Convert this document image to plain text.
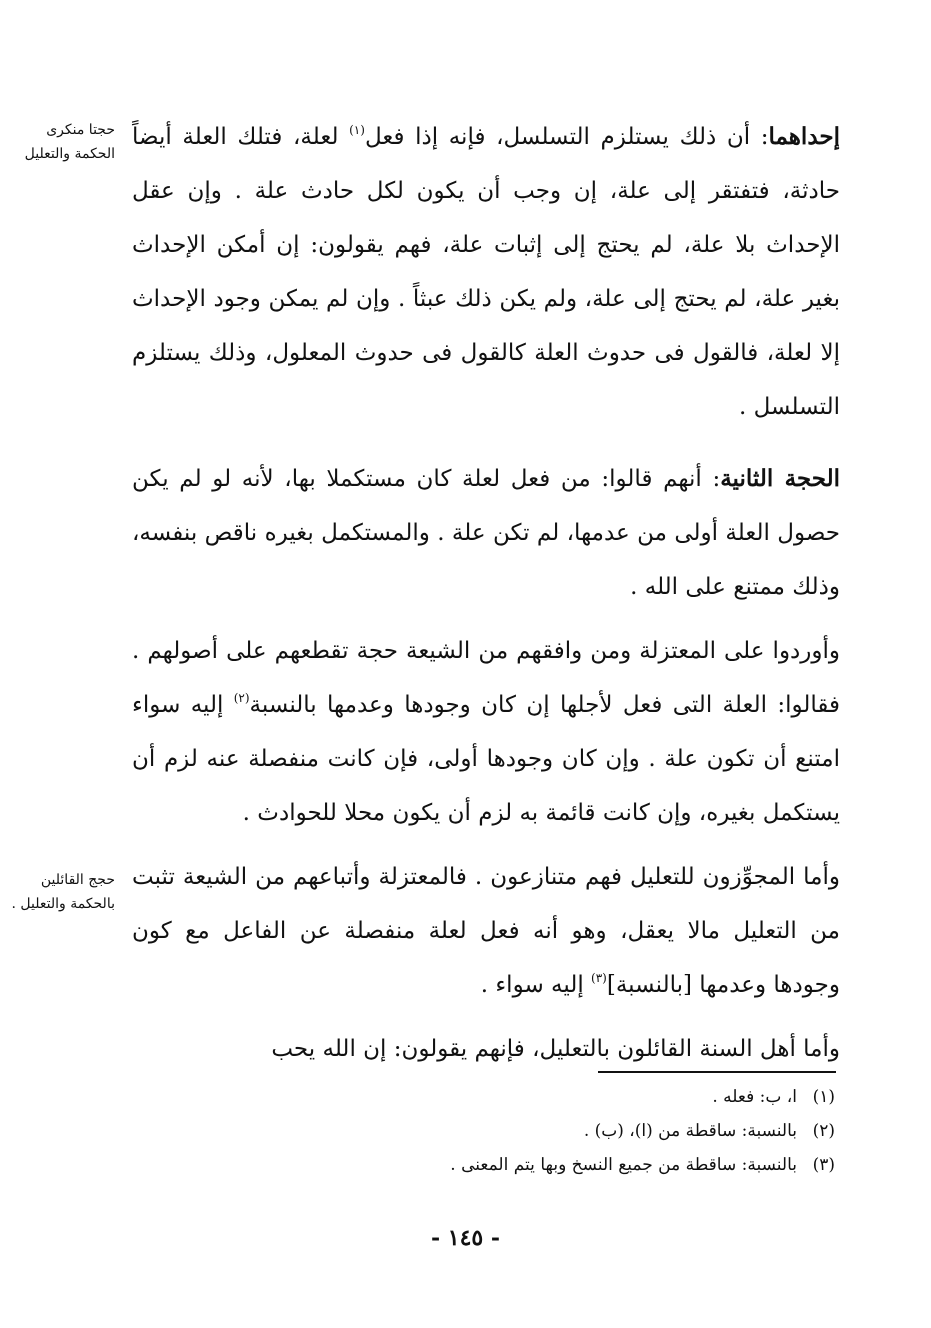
حجتا منكرى الحكمة والتعليل
حجج القائلين بالحكمة والتعليل .

إحداهما: أن ذلك يستلزم التسلسل، فإنه إذا فعل$^{(١)}$ لعلة، فتلك العلة أيضاً حادثة، فتفتقر إلى علة، إن وجب أن يكون لكل حادث علة . وإن عقل الإحداث بلا علة، لم يحتج إلى إثبات علة، فهم يقولون: إن أمكن الإحداث بغير علة، لم يحتج إلى علة، ولم يكن ذلك عبثاً . وإن لم يمكن وجود الإحداث إلا لعلة، فالقول فى حدوث العلة كالقول فى حدوث المعلول، وذلك يستلزم التسلسل .

الحجة الثانية: أنهم قالوا: من فعل لعلة كان مستكملا بها، لأنه لو لم يكن حصول العلة أولى من عدمها، لم تكن علة . والمستكمل بغيره ناقص بنفسه، وذلك ممتنع على الله .

وأوردوا على المعتزلة ومن وافقهم من الشيعة حجة تقطعهم على أصولهم . فقالوا: العلة التى فعل لأجلها إن كان وجودها وعدمها بالنسبة$^{(٢)}$ إليه سواء امتنع أن تكون علة . وإن كان وجودها أولى، فإن كانت منفصلة عنه لزم أن يستكمل بغيره، وإن كانت قائمة به لزم أن يكون محلا للحوادث .

وأما المجوِّزون للتعليل فهم متنازعون . فالمعتزلة وأتباعهم من الشيعة تثبت من التعليل مالا يعقل، وهو أنه فعل لعلة منفصلة عن الفاعل مع كون وجودها وعدمها [بالنسبة]$^{(٣)}$ إليه سواء .

وأما أهل السنة القائلون بالتعليل، فإنهم يقولون: إن الله يحب

(١)ا، ب: فعله .
(٢)بالنسبة: ساقطة من (ا)، (ب) .
(٣)بالنسبة: ساقطة من جميع النسخ وبها يتم المعنى .
- ١٤٥ -
